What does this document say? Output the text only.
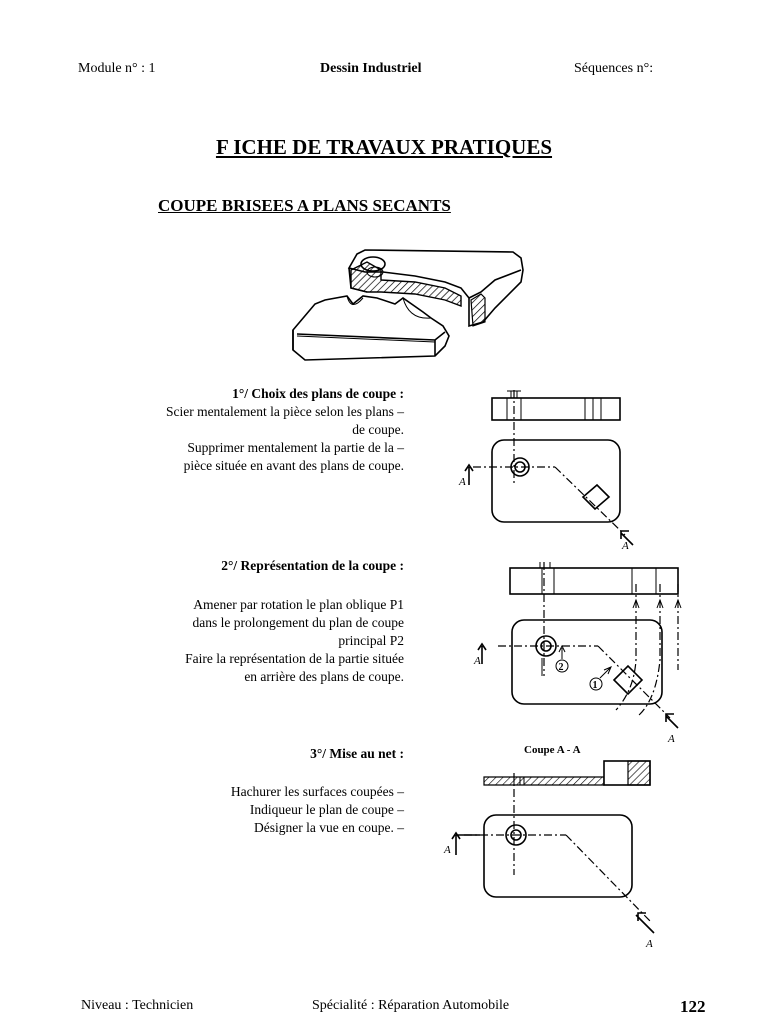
Module n° : 1	Dessin Industriel	Séquences n°:
F ICHE DE TRAVAUX PRATIQUES
COUPE BRISEES A PLANS SECANTS
1°/ Choix des plans de coupe :
Scier mentalement la pièce selon les plans –
de coupe.
Supprimer mentalement la partie de la –
pièce située en avant des plans de coupe.
2°/ Représentation de la coupe :
Amener par rotation le plan oblique P1
dans le prolongement du plan de coupe
principal P2
Faire la représentation de la partie située
en arrière des plans de coupe.
3°/ Mise au net :
Hachurer les surfaces coupées –
Indiqueur le plan de coupe –
Désigner la vue en coupe. –
A
A
2
1
A
A
Coupe A - A
A
A
Niveau : Technicien	Spécialité : Réparation Automobile	122
